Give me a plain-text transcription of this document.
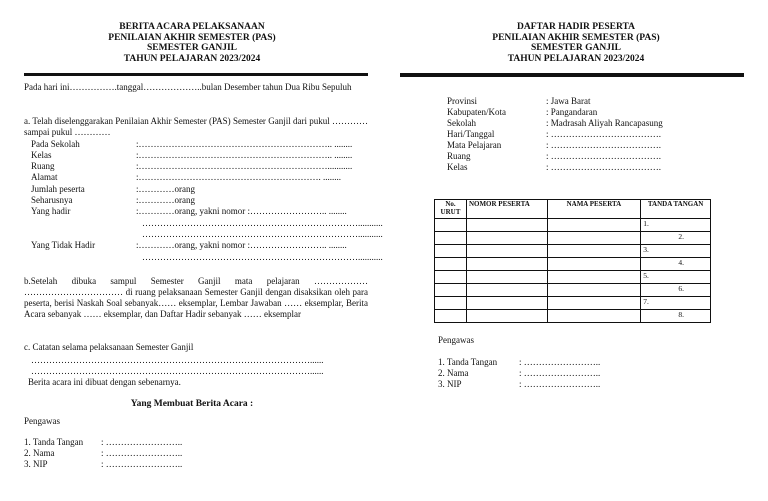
BERITA ACARA PELAKSANAAN
PENILAIAN AKHIR SEMESTER (PAS)
SEMESTER GANJIL
TAHUN PELAJARAN 2023/2024
Pada hari ini…………….tanggal………………..bulan Desember tahun Dua Ribu Sepuluh
a. Telah diselenggarakan Penilaian Akhir Semester (PAS) Semester Ganjil dari pukul …………sampai pukul …………
Pada Sekolah	:……………………………………………………….. ........
Kelas	:……………………………………………………….. ........
Ruang	:………………………………………………………...........
Alamat	:……………………………………………………. ........
Jumlah peserta	:…………orang
Seharusnya	:…………orang
Yang hadir	:…………orang, yakni nomor :…………………….. ........
………………………………………………………………...........
………………………………………………………………...........
Yang Tidak Hadir	:…………orang, yakni nomor :…………………….. ........
………………………………………………………………...........
b.Setelah dibuka sampul Semester Ganjil mata pelajaran ……………… …………………………… di ruang pelaksanaan Semester Ganjil dengan disaksikan oleh para peserta, berisi Naskah Soal sebanyak…… eksemplar, Lembar Jawaban …… eksemplar, Berita Acara sebanyak …… eksemplar, dan Daftar Hadir sebanyak …… eksemplar
c. Catatan selama pelaksanaan Semester Ganjil
…………………………………………………………………………………......
…………………………………………………………………………………......
Berita acara ini dibuat dengan sebenarnya.
Yang Membuat Berita Acara :
Pengawas
1. Tanda Tangan : ……………………..
2. Nama	: ……………………..
3. NIP	: ……………………..
DAFTAR HADIR PESERTA
PENILAIAN AKHIR SEMESTER (PAS)
SEMESTER GANJIL
TAHUN PELAJARAN 2023/2024
Provinsi	: Jawa Barat
Kabupaten/Kota	: Pangandaran
Sekolah	: Madrasah Aliyah Rancapasung
Hari/Tanggal	: ……………………………….
Mata Pelajaran	: ……………………………….
Ruang	: ……………………………….
Kelas	: ……………………………….
No. URUT	NOMOR PESERTA	NAMA PESERTA	TANDA TANGAN
			1.
			2.
			3.
			4.
			5.
			6.
			7.
			8.
Pengawas
1. Tanda Tangan : ……………………..
2. Nama	: ……………………..
3. NIP	: ……………………..
